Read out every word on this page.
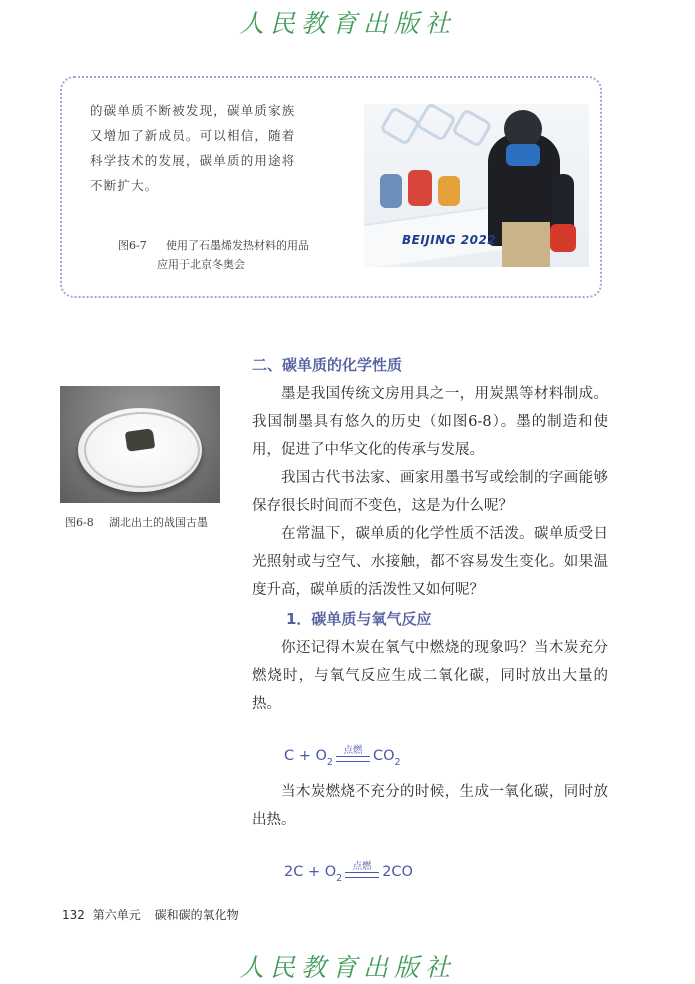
人民教育出版社

的碳单质不断被发现，碳单质家族
又增加了新成员。可以相信，随着
科学技术的发展，碳单质的用途将
不断扩大。

图6-7 使用了石墨烯发热材料的用品
应用于北京冬奥会
BEIJING 2022
图6-8 湖北出土的战国古墨
二、碳单质的化学性质

墨是我国传统文房用具之一，用炭黑等材料制成。我国制墨具有悠久的历史（如图6-8）。墨的制造和使用，促进了中华文化的传承与发展。

我国古代书法家、画家用墨书写或绘制的字画能够保存很长时间而不变色，这是为什么呢？

在常温下，碳单质的化学性质不活泼。碳单质受日光照射或与空气、水接触，都不容易发生变化。如果温度升高，碳单质的活泼性又如何呢？

1．碳单质与氧气反应

你还记得木炭在氧气中燃烧的现象吗？当木炭充分燃烧时，与氧气反应生成二氧化碳，同时放出大量的热。

C + O 2
点燃 CO 2

当木炭燃烧不充分的时候，生成一氧化碳，同时放出热。

2C + O 2
点燃 2CO
132 第六单元 碳和碳的氧化物
人民教育出版社
